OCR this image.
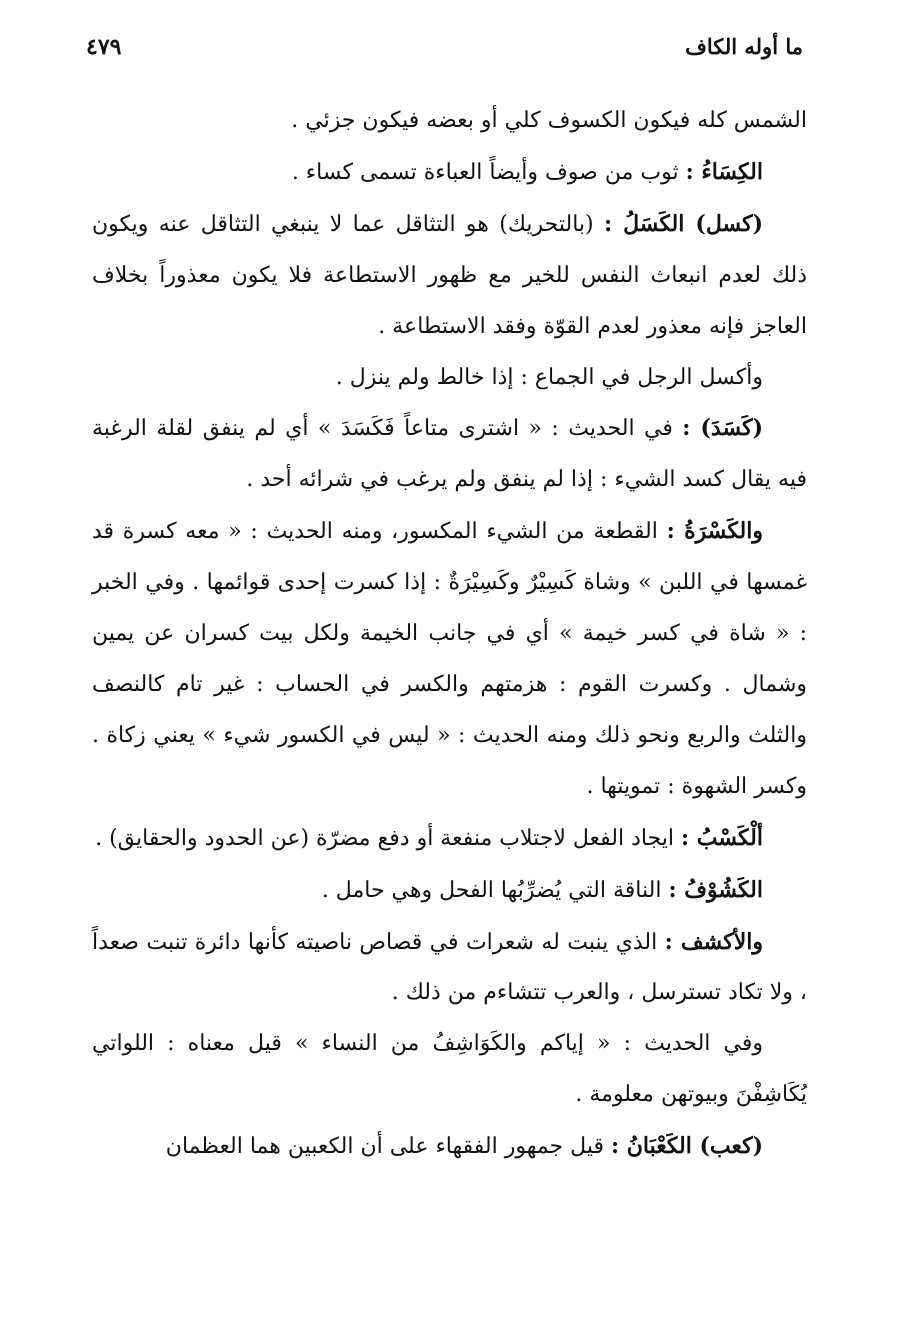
ما أوله الكاف
٤٧٩

الشمس كله فيكون الكسوف كلي أو بعضه فيكون جزئي .

الكِسَاءُ : ثوب من صوف وأيضاً العباءة تسمى كساء .

(كسل) الكَسَلُ : (بالتحريك) هو التثاقل عما لا ينبغي التثاقل عنه ويكون ذلك لعدم انبعاث النفس للخير مع ظهور الاستطاعة فلا يكون معذوراً بخلاف العاجز فإنه معذور لعدم القوّة وفقد الاستطاعة .

وأكسل الرجل في الجماع : إذا خالط ولم ينزل .

(كَسَدَ) : في الحديث : « اشترى متاعاً فَكَسَدَ » أي لم ينفق لقلة الرغبة فيه يقال كسد الشيء : إذا لم ينفق ولم يرغب في شرائه أحد .

والكَسْرَةُ : القطعة من الشيء المكسور، ومنه الحديث : « معه كسرة قد غمسها في اللبن » وشاة كَسِيْرٌ وكَسِيْرَةٌ : إذا كسرت إحدى قوائمها . وفي الخبر : « شاة في كسر خيمة » أي في جانب الخيمة ولكل بيت كسران عن يمين وشمال . وكسرت القوم : هزمتهم والكسر في الحساب : غير تام كالنصف والثلث والربع ونحو ذلك ومنه الحديث : « ليس في الكسور شيء » يعني زكاة . وكسر الشهوة : تمويتها .

ألْكَسْبُ : ايجاد الفعل لاجتلاب منفعة أو دفع مضرّة (عن الحدود والحقايق) .

الكَشُوْفُ : الناقة التي يُضرِّبُها الفحل وهي حامل .

والأكشف : الذي ينبت له شعرات في قصاص ناصيته كأنها دائرة تنبت صعداً ، ولا تكاد تسترسل ، والعرب تتشاءم من ذلك .

وفي الحديث : « إياكم والكَوَاشِفُ من النساء » قيل معناه : اللواتي يُكَاشِفْنَ وبيوتهن معلومة .

(كعب) الكَعْبَانُ : قيل جمهور الفقهاء على أن الكعبين هما العظمان
